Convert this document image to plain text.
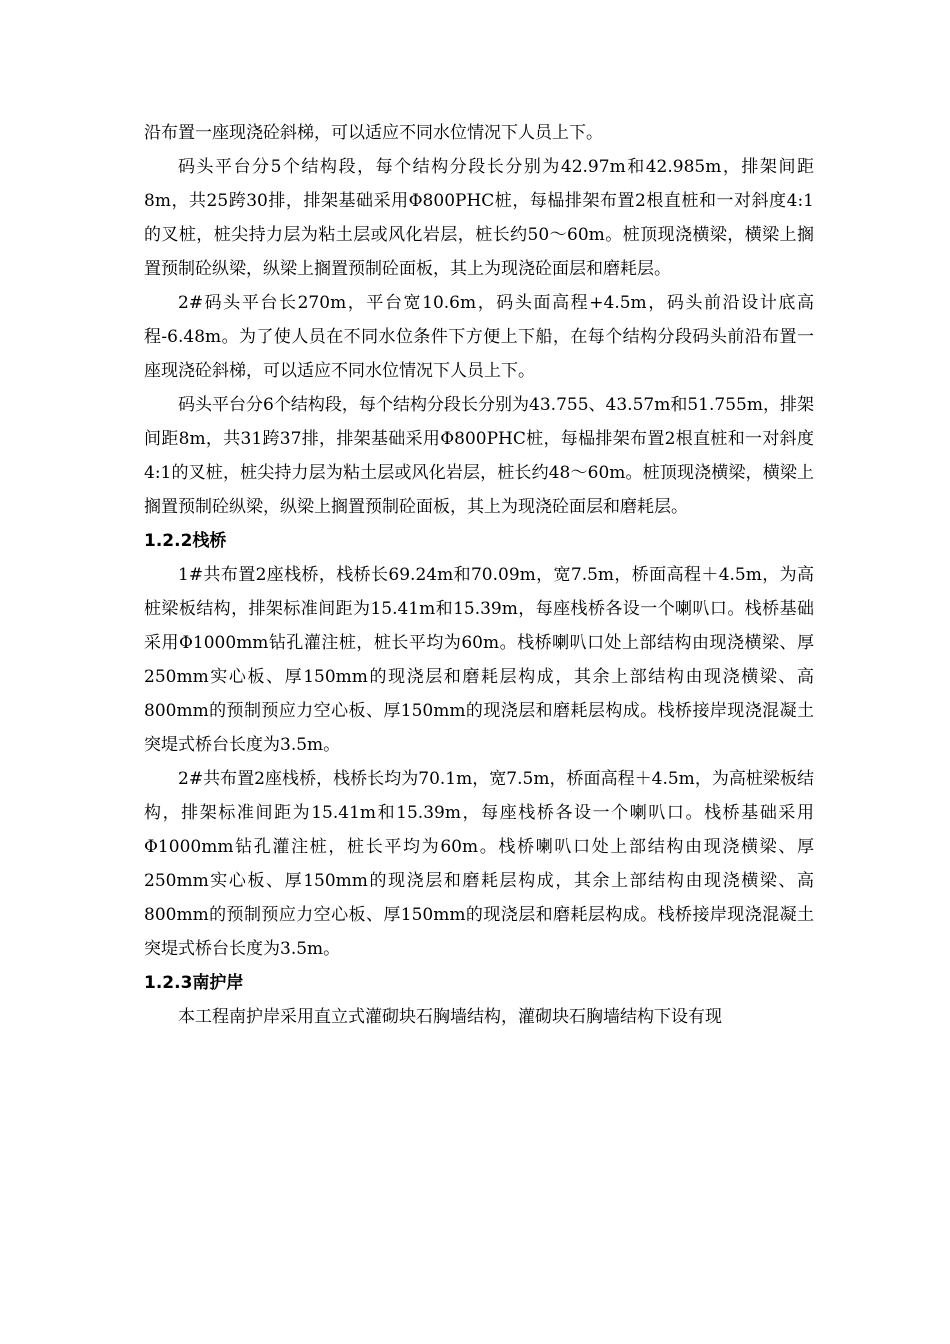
沿布置一座现浇砼斜梯，可以适应不同水位情况下人员上下。

码头平台分5个结构段，每个结构分段长分别为42.97m和42.985m，排架间距8m，共25跨30排，排架基础采用Φ800PHC桩，每榀排架布置2根直桩和一对斜度4:1的叉桩，桩尖持力层为粘土层或风化岩层，桩长约50～60m。桩顶现浇横梁，横梁上搁置预制砼纵梁，纵梁上搁置预制砼面板，其上为现浇砼面层和磨耗层。

2#码头平台长270m，平台宽10.6m，码头面高程+4.5m，码头前沿设计底高程-6.48m。为了使人员在不同水位条件下方便上下船，在每个结构分段码头前沿布置一座现浇砼斜梯，可以适应不同水位情况下人员上下。

码头平台分6个结构段，每个结构分段长分别为43.755、43.57m和51.755m，排架间距8m，共31跨37排，排架基础采用Φ800PHC桩，每榀排架布置2根直桩和一对斜度4:1的叉桩，桩尖持力层为粘土层或风化岩层，桩长约48～60m。桩顶现浇横梁，横梁上搁置预制砼纵梁，纵梁上搁置预制砼面板，其上为现浇砼面层和磨耗层。

1.2.2栈桥

1#共布置2座栈桥，栈桥长69.24m和70.09m，宽7.5m，桥面高程＋4.5m，为高桩梁板结构，排架标准间距为15.41m和15.39m，每座栈桥各设一个喇叭口。栈桥基础采用Φ1000mm钻孔灌注桩，桩长平均为60m。栈桥喇叭口处上部结构由现浇横梁、厚250mm实心板、厚150mm的现浇层和磨耗层构成，其余上部结构由现浇横梁、高800mm的预制预应力空心板、厚150mm的现浇层和磨耗层构成。栈桥接岸现浇混凝土突堤式桥台长度为3.5m。

2#共布置2座栈桥，栈桥长均为70.1m，宽7.5m，桥面高程＋4.5m，为高桩梁板结构，排架标准间距为15.41m和15.39m，每座栈桥各设一个喇叭口。栈桥基础采用Φ1000mm钻孔灌注桩，桩长平均为60m。栈桥喇叭口处上部结构由现浇横梁、厚250mm实心板、厚150mm的现浇层和磨耗层构成，其余上部结构由现浇横梁、高800mm的预制预应力空心板、厚150mm的现浇层和磨耗层构成。栈桥接岸现浇混凝土突堤式桥台长度为3.5m。

1.2.3南护岸

本工程南护岸采用直立式灌砌块石胸墙结构，灌砌块石胸墙结构下设有现
